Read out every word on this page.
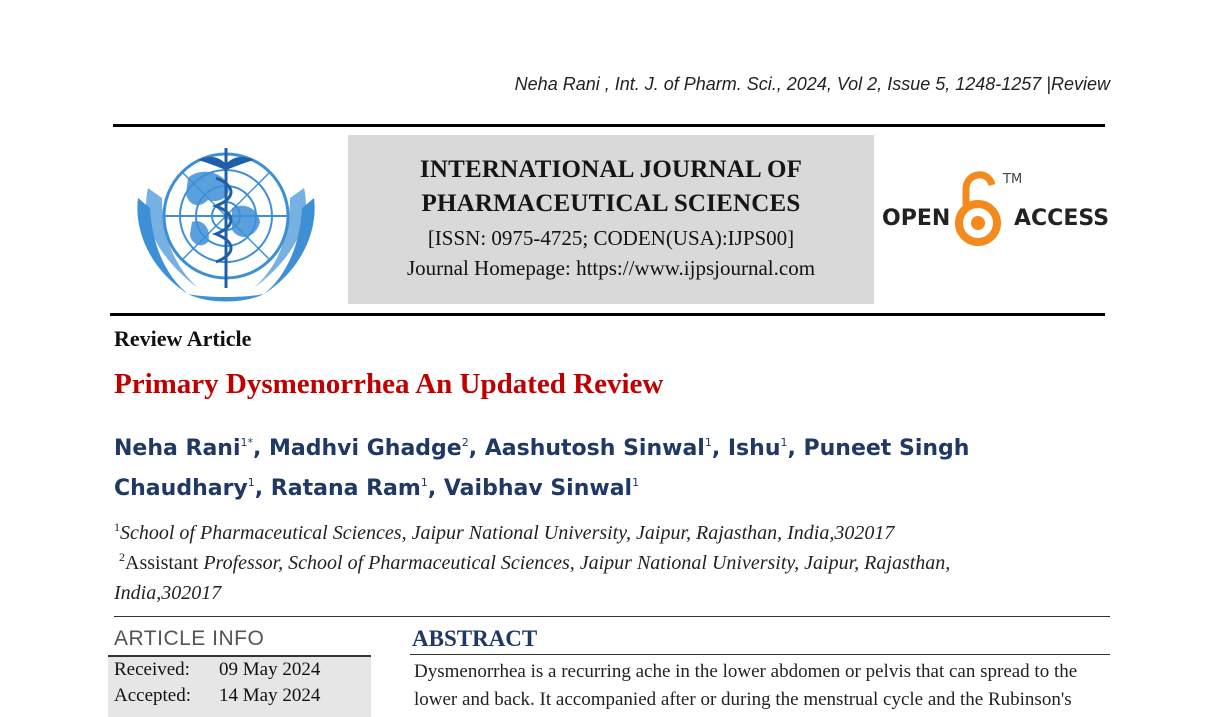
Neha Rani , Int. J. of Pharm. Sci., 2024, Vol 2, Issue 5, 1248-1257 |Review
INTERNATIONAL JOURNAL OF
PHARMACEUTICAL SCIENCES
[ISSN: 0975-4725; CODEN(USA):IJPS00]
Journal Homepage: https://www.ijpsjournal.com
OPEN	ACCESS
TM
Review Article
Primary Dysmenorrhea An Updated Review
Neha Rani$^{1*}$, Madhvi Ghadge$^2$, Aashutosh Sinwal$^1$, Ishu$^1$, Puneet Singh Chaudhary$^1$, Ratana Ram$^1$, Vaibhav Sinwal$^1$
$^1$School of Pharmaceutical Sciences, Jaipur National University, Jaipur, Rajasthan, India,302017
$^2$Assistant Professor, School of Pharmaceutical Sciences, Jaipur National University, Jaipur, Rajasthan,
India,302017
ARTICLE INFO
Received: 09 May 2024
Accepted: 14 May 2024
ABSTRACT
Dysmenorrhea is a recurring ache in the lower abdomen or pelvis that can spread to the
lower and back. It accompanied after or during the menstrual cycle and the Rubinson's
